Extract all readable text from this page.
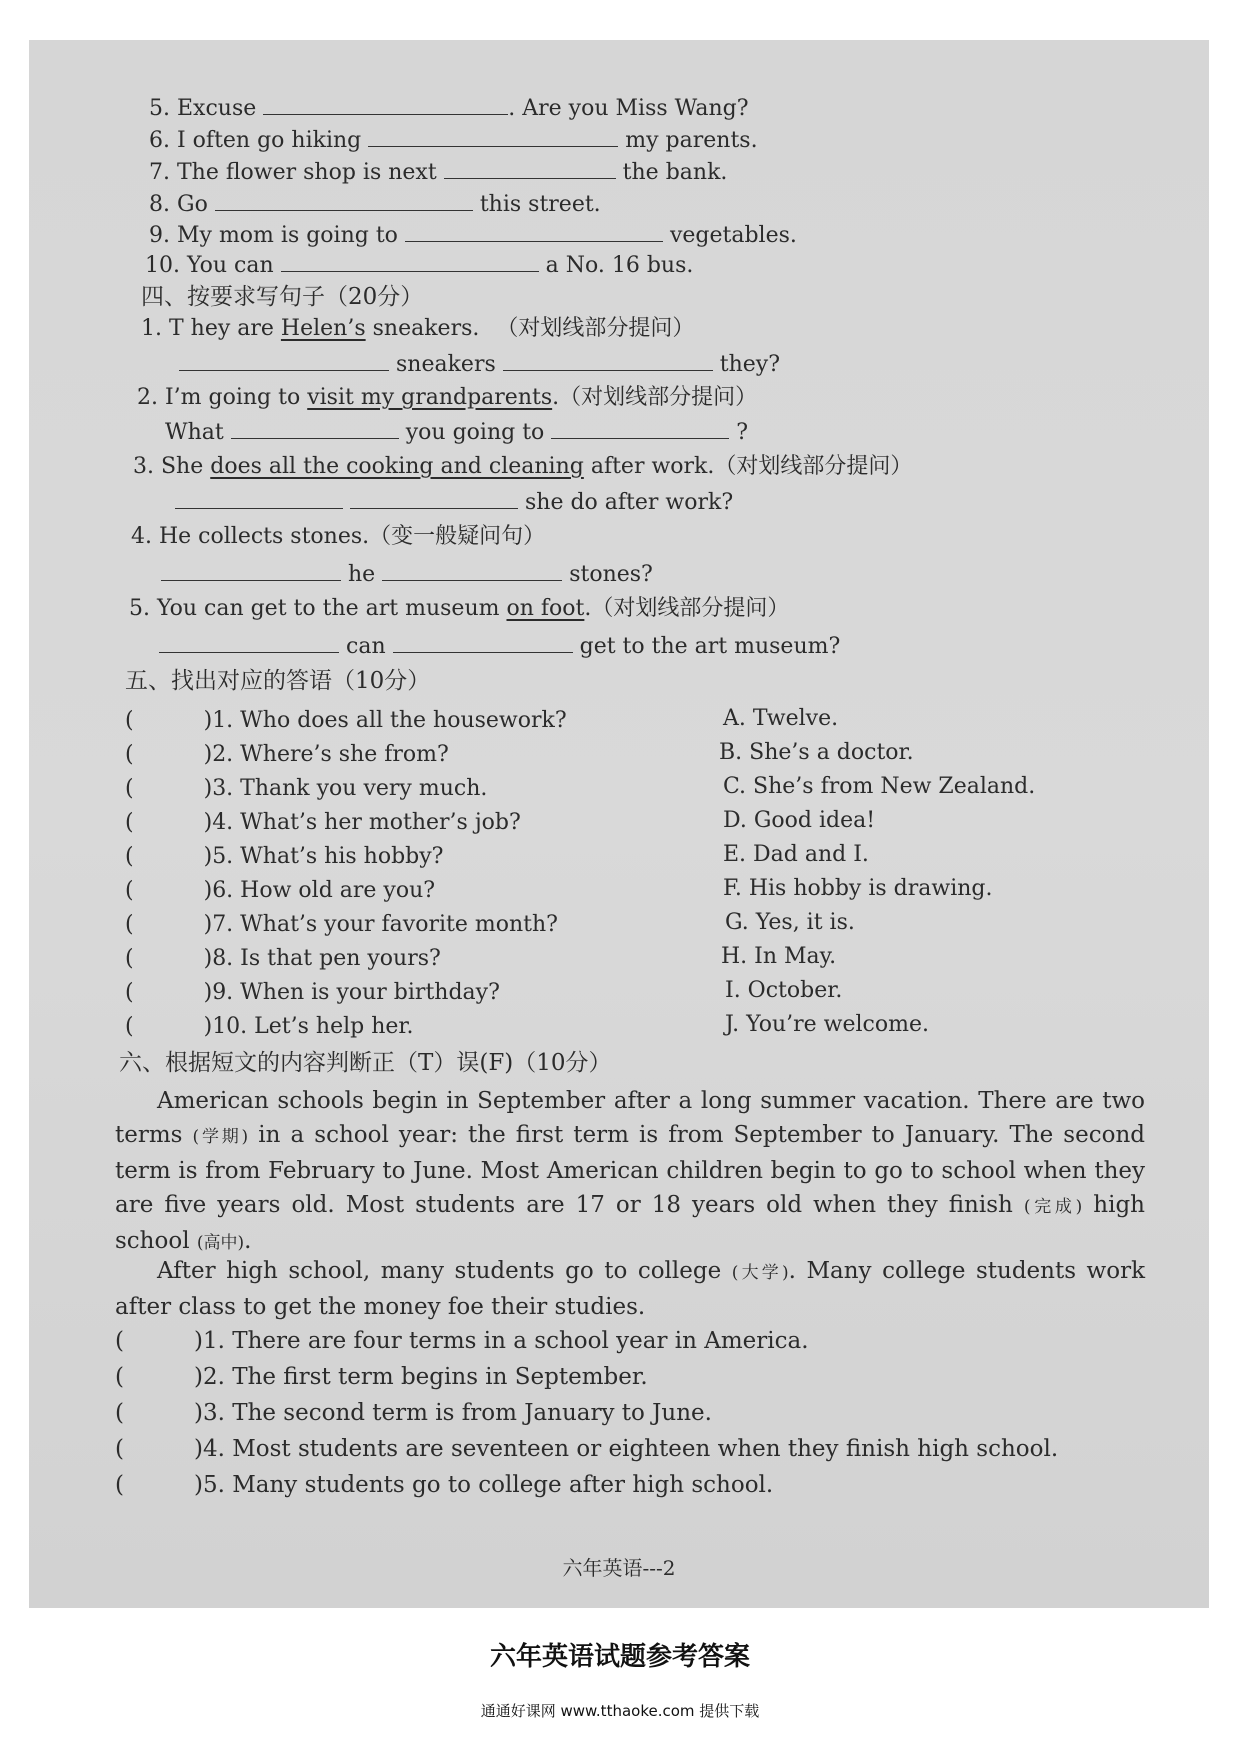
5. Excuse	. Are you Miss Wang?
6. I often go hiking	my parents.
7. The flower shop is next	the bank.
8. Go	this street.
9. My mom is going to	vegetables.
10. You can	a No. 16 bus.
四、按要求写句子（20分）
1. T hey are Helen’s sneakers. （对划线部分提问）
sneakers	they?
2. I’m going to visit my grandparents.（对划线部分提问）
What	you going to	?
3. She does all the cooking and cleaning after work.（对划线部分提问）
she do after work?
4. He collects stones.（变一般疑问句）
he	stones?
5. You can get to the art museum on foot.（对划线部分提问）
can	get to the art museum?
五、找出对应的答语（10分）
(	)1. Who does all the housework?
(	)2. Where’s she from?
(	)3. Thank you very much.
(	)4. What’s her mother’s job?
(	)5. What’s his hobby?
(	)6. How old are you?
(	)7. What’s your favorite month?
(	)8. Is that pen yours?
(	)9. When is your birthday?
(	)10. Let’s help her.
A. Twelve.
B. She’s a doctor.
C. She’s from New Zealand.
D. Good idea!
E. Dad and I.
F. His hobby is drawing.
G. Yes, it is.
H. In May.
I. October.
J. You’re welcome.
六、根据短文的内容判断正（T）误(F)（10分）
American schools begin in September after a long summer vacation. There are two terms (学期) in a school year: the first term is from September to January. The second term is from February to June. Most American children begin to go to school when they are five years old. Most students are 17 or 18 years old when they finish (完成) high school (高中).
After high school, many students go to college (大学). Many college students work after class to get the money foe their studies.
(	)1. There are four terms in a school year in America.
(	)2. The first term begins in September.
(	)3. The second term is from January to June.
(	)4. Most students are seventeen or eighteen when they finish high school.
(	)5. Many students go to college after high school.
六年英语---2
六年英语试题参考答案
通通好课网 www.tthaoke.com 提供下载
